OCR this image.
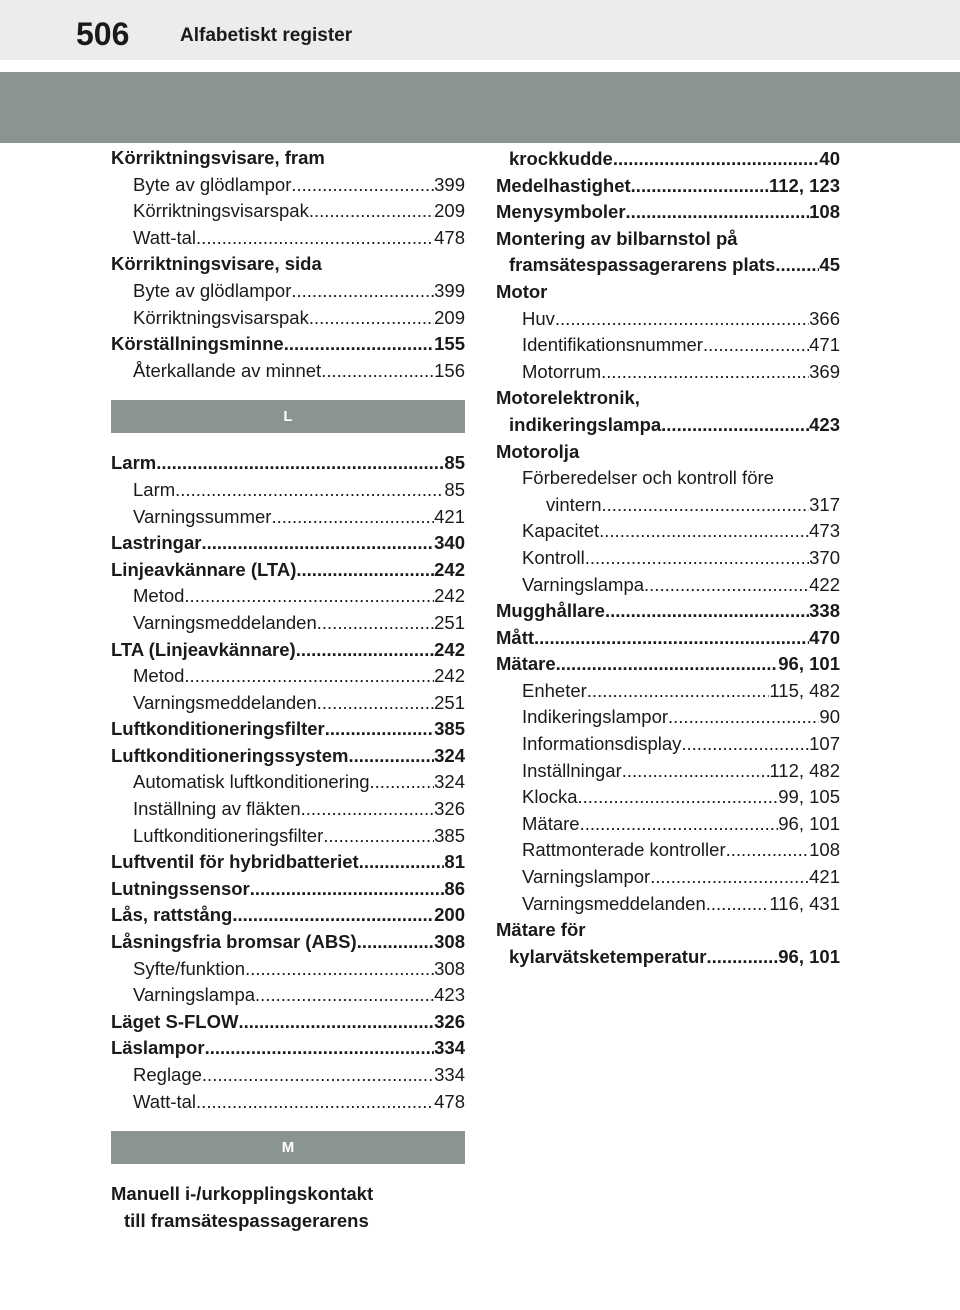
506	Alfabetiskt register
Körriktningsvisare, fram
Byte av glödlampor .....	399
Körriktningsvisarspak .....	209
Watt-tal .....	478
Körriktningsvisare, sida
Byte av glödlampor .....	399
Körriktningsvisarspak .....	209
Körställningsminne .....	155
Återkallande av minnet .....	156
L
Larm .....	85
Larm .....	85
Varningssummer .....	421
Lastringar .....	340
Linjeavkännare (LTA) .....	242
Metod .....	242
Varningsmeddelanden .....	251
LTA (Linjeavkännare) .....	242
Metod .....	242
Varningsmeddelanden .....	251
Luftkonditioneringsfilter .....	385
Luftkonditioneringssystem .....	324
Automatisk luftkonditionering .....	324
Inställning av fläkten .....	326
Luftkonditioneringsfilter .....	385
Luftventil för hybridbatteriet .....	81
Lutningssensor .....	86
Lås, rattstång .....	200
Låsningsfria bromsar (ABS) .....	308
Syfte/funktion .....	308
Varningslampa .....	423
Läget S-FLOW .....	326
Läslampor .....	334
Reglage .....	334
Watt-tal .....	478
M
Manuell i-/urkopplingskontakt
till framsätespassagerarens
krockkudde .....	40
Medelhastighet .....	112, 123
Menysymboler .....	108
Montering av bilbarnstol på
framsätespassagerarens plats ..... 45
Motor
Huv .....	366
Identifikationsnummer .....	471
Motorrum .....	369
Motorelektronik,
indikeringslampa .....	423
Motorolja
Förberedelser och kontroll före
vintern .....	317
Kapacitet .....	473
Kontroll .....	370
Varningslampa .....	422
Mugghållare .....	338
Mått .....	470
Mätare .....	96, 101
Enheter .....	115, 482
Indikeringslampor .....	90
Informationsdisplay .....	107
Inställningar .....	112, 482
Klocka .....	99, 105
Mätare .....	96, 101
Rattmonterade kontroller .....	108
Varningslampor .....	421
Varningsmeddelanden .....	116, 431
Mätare för
kylarvätsketemperatur .....	96, 101
